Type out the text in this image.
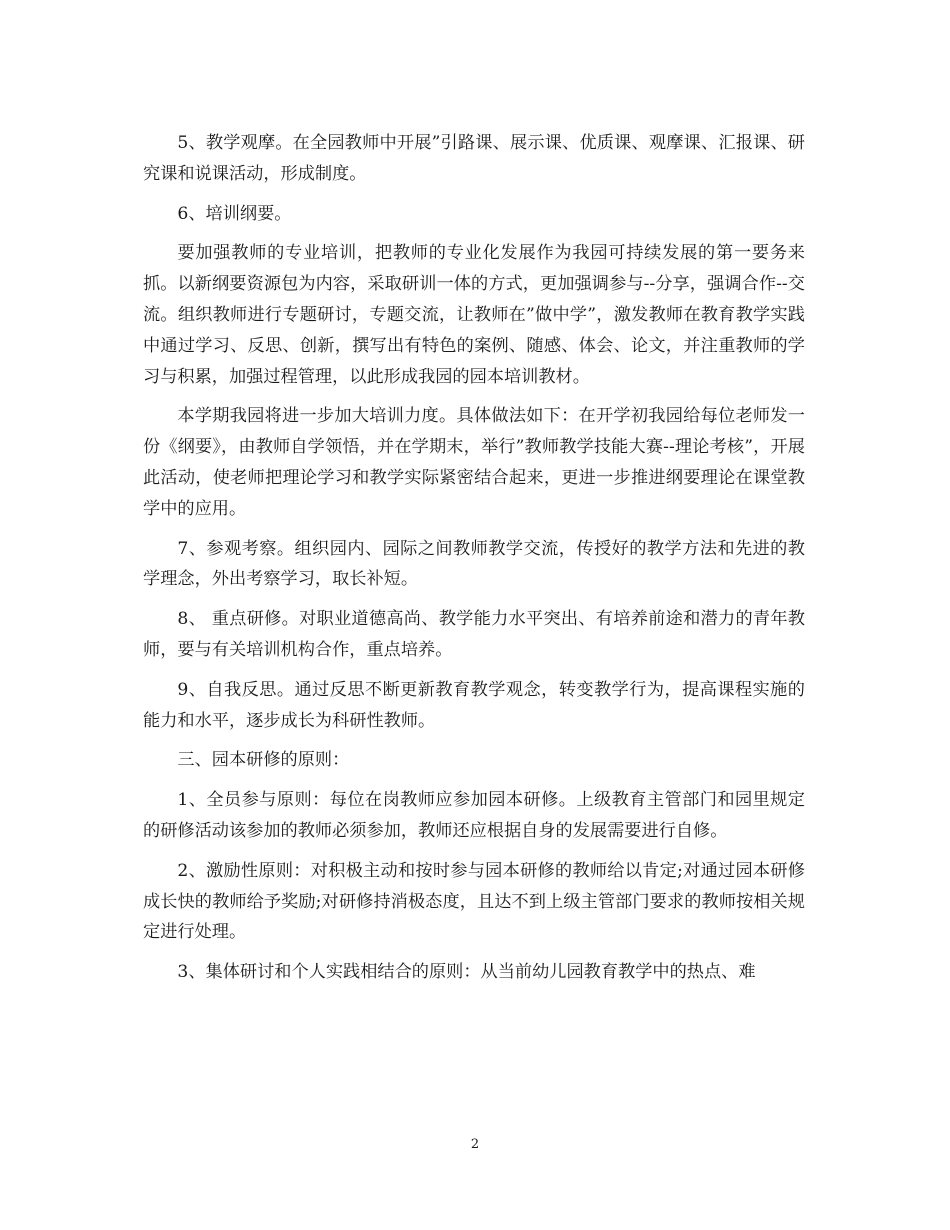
5、教学观摩。在全园教师中开展”引路课、展示课、优质课、观摩课、汇报课、研究课和说课活动，形成制度。

6、培训纲要。

要加强教师的专业培训，把教师的专业化发展作为我园可持续发展的第一要务来抓。以新纲要资源包为内容，采取研训一体的方式，更加强调参与--分享，强调合作--交流。组织教师进行专题研讨，专题交流，让教师在”做中学”，激发教师在教育教学实践中通过学习、反思、创新，撰写出有特色的案例、随感、体会、论文，并注重教师的学习与积累，加强过程管理，以此形成我园的园本培训教材。

本学期我园将进一步加大培训力度。具体做法如下：在开学初我园给每位老师发一份《纲要》，由教师自学领悟，并在学期末，举行”教师教学技能大赛--理论考核”，开展此活动，使老师把理论学习和教学实际紧密结合起来，更进一步推进纲要理论在课堂教学中的应用。

7、参观考察。组织园内、园际之间教师教学交流，传授好的教学方法和先进的教学理念，外出考察学习，取长补短。

8、 重点研修。对职业道德高尚、教学能力水平突出、有培养前途和潜力的青年教师，要与有关培训机构合作，重点培养。

9、自我反思。通过反思不断更新教育教学观念，转变教学行为，提高课程实施的能力和水平，逐步成长为科研性教师。

三、园本研修的原则：

1、全员参与原则：每位在岗教师应参加园本研修。上级教育主管部门和园里规定的研修活动该参加的教师必须参加，教师还应根据自身的发展需要进行自修。

2、激励性原则：对积极主动和按时参与园本研修的教师给以肯定;对通过园本研修成长快的教师给予奖励;对研修持消极态度，且达不到上级主管部门要求的教师按相关规定进行处理。

3、集体研讨和个人实践相结合的原则：从当前幼儿园教育教学中的热点、难

2
